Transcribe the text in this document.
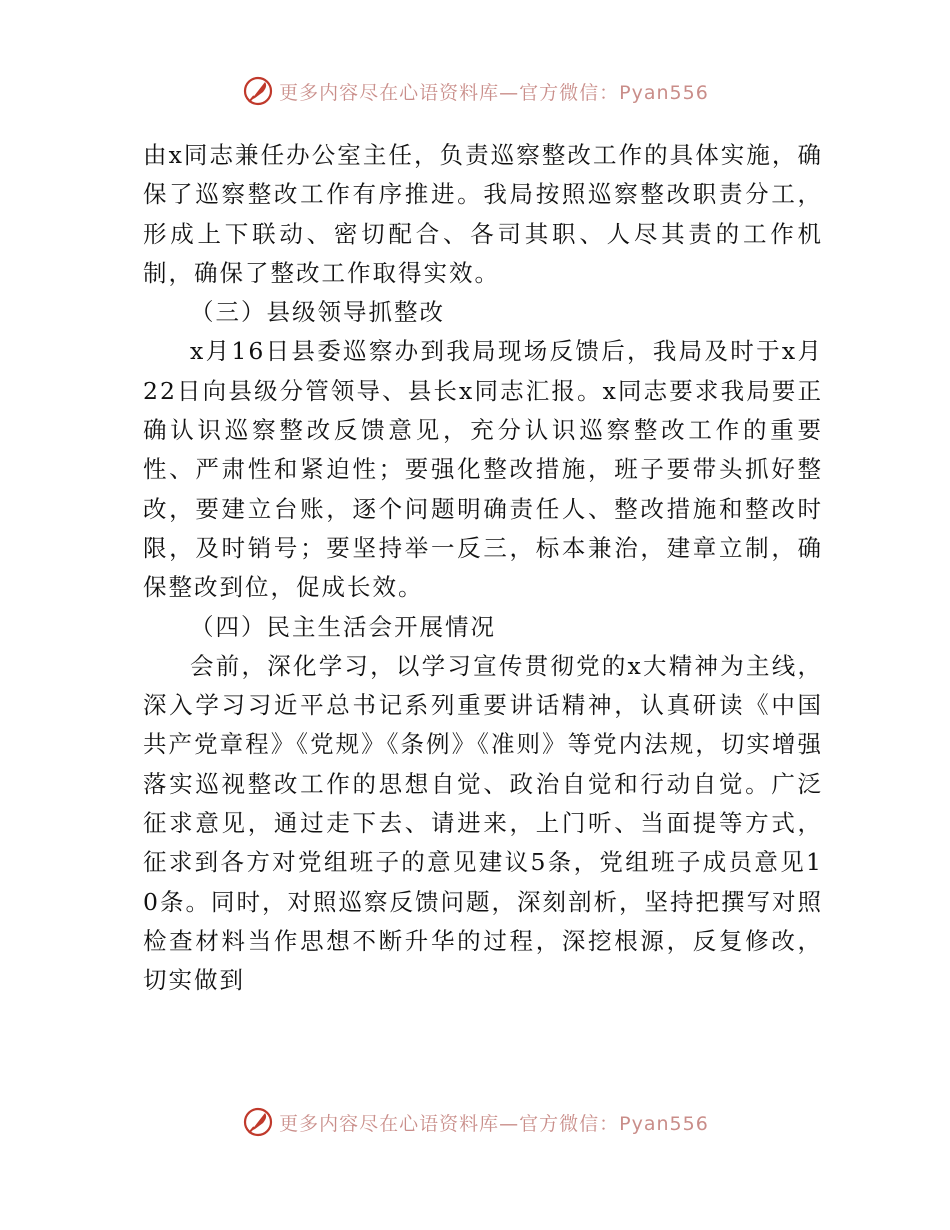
更多内容尽在心语资料库—官方微信：Pyan556

由x同志兼任办公室主任，负责巡察整改工作的具体实施，确保了巡察整改工作有序推进。我局按照巡察整改职责分工，形成上下联动、密切配合、各司其职、人尽其责的工作机制，确保了整改工作取得实效。

（三）县级领导抓整改

x月16日县委巡察办到我局现场反馈后，我局及时于x月22日向县级分管领导、县长x同志汇报。x同志要求我局要正确认识巡察整改反馈意见，充分认识巡察整改工作的重要性、严肃性和紧迫性；要强化整改措施，班子要带头抓好整改，要建立台账，逐个问题明确责任人、整改措施和整改时限，及时销号；要坚持举一反三，标本兼治，建章立制，确保整改到位，促成长效。

（四）民主生活会开展情况

会前，深化学习，以学习宣传贯彻党的x大精神为主线，深入学习习近平总书记系列重要讲话精神，认真研读《中国共产党章程》《党规》《条例》《准则》等党内法规，切实增强落实巡视整改工作的思想自觉、政治自觉和行动自觉。广泛征求意见，通过走下去、请进来，上门听、当面提等方式，征求到各方对党组班子的意见建议5条，党组班子成员意见10条。同时，对照巡察反馈问题，深刻剖析，坚持把撰写对照检查材料当作思想不断升华的过程，深挖根源，反复修改，切实做到

更多内容尽在心语资料库—官方微信：Pyan556
